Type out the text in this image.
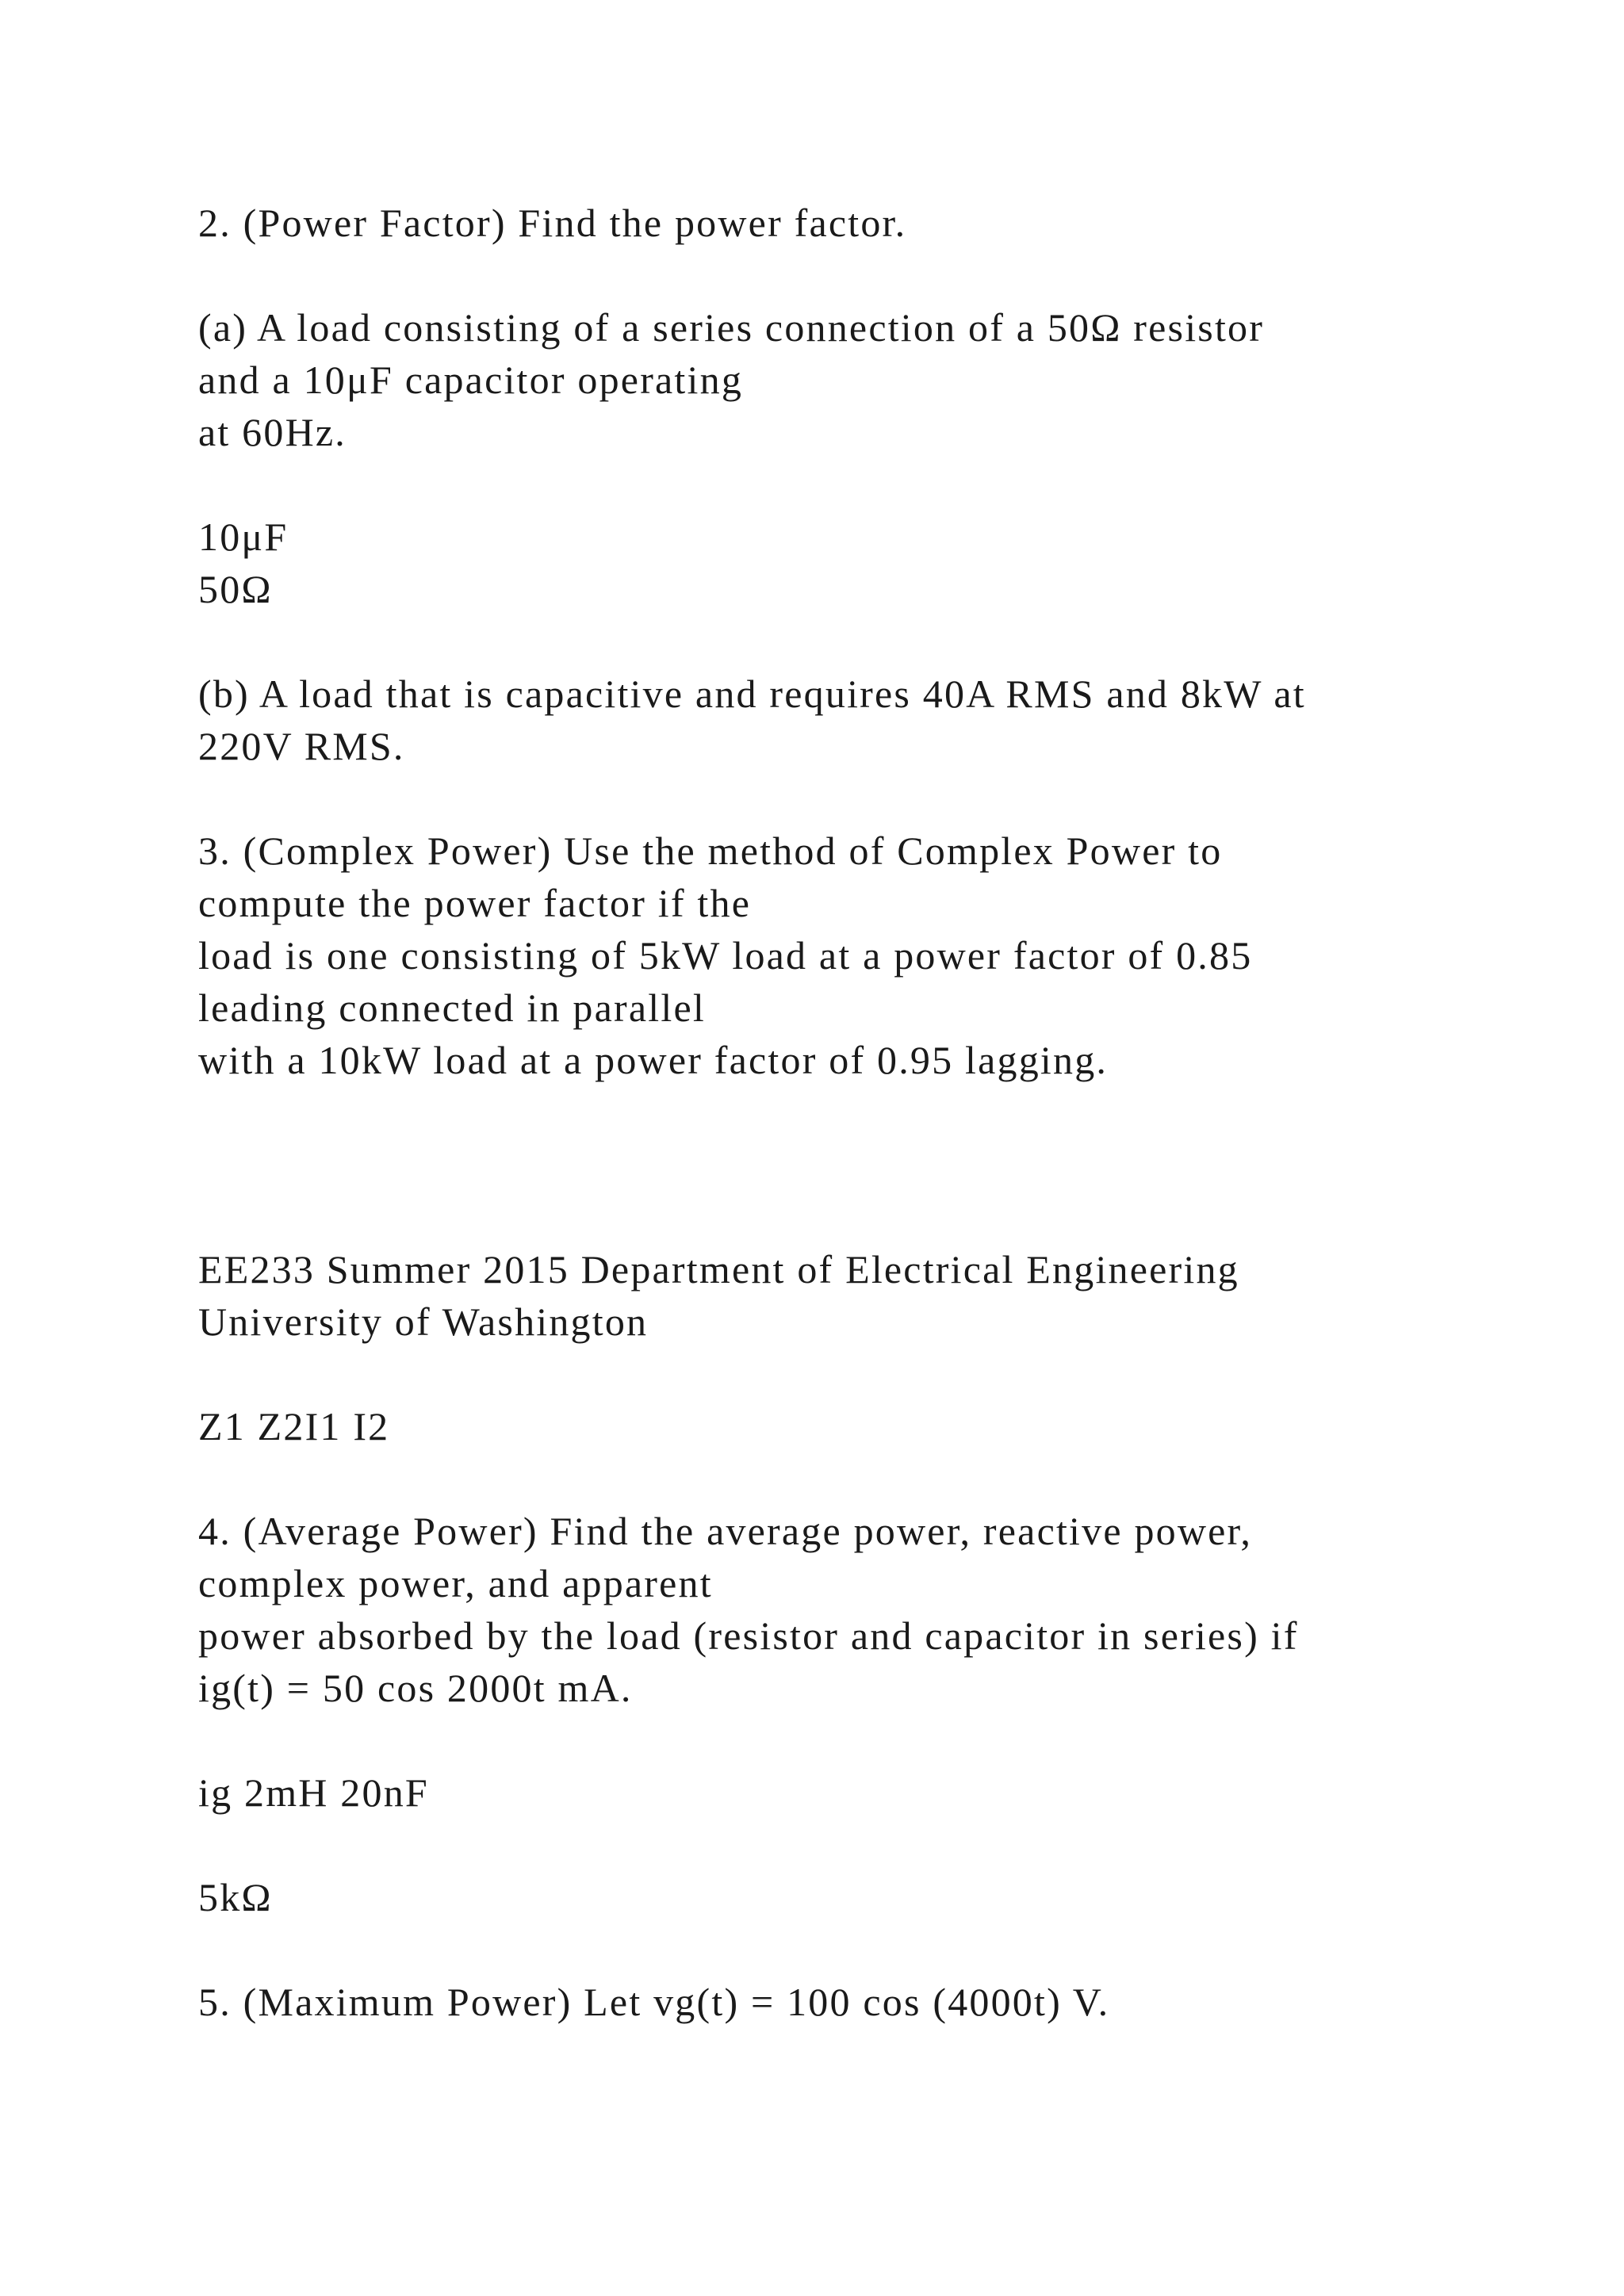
2. (Power Factor) Find the power factor.
(a) A load consisting of a series connection of a 50Ω resistor
and a 10μF capacitor operating
at 60Hz.
10μF
50Ω
(b) A load that is capacitive and requires 40A RMS and 8kW at
220V RMS.
3. (Complex Power) Use the method of Complex Power to
compute the power factor if the
load is one consisting of 5kW load at a power factor of 0.85
leading connected in parallel
with a 10kW load at a power factor of 0.95 lagging.
EE233 Summer 2015 Department of Electrical Engineering
University of Washington
Z1 Z2I1 I2
4. (Average Power) Find the average power, reactive power,
complex power, and apparent
power absorbed by the load (resistor and capacitor in series) if
ig(t) = 50 cos 2000t mA.
ig 2mH 20nF
5kΩ
5. (Maximum Power) Let vg(t) = 100 cos (4000t) V.
